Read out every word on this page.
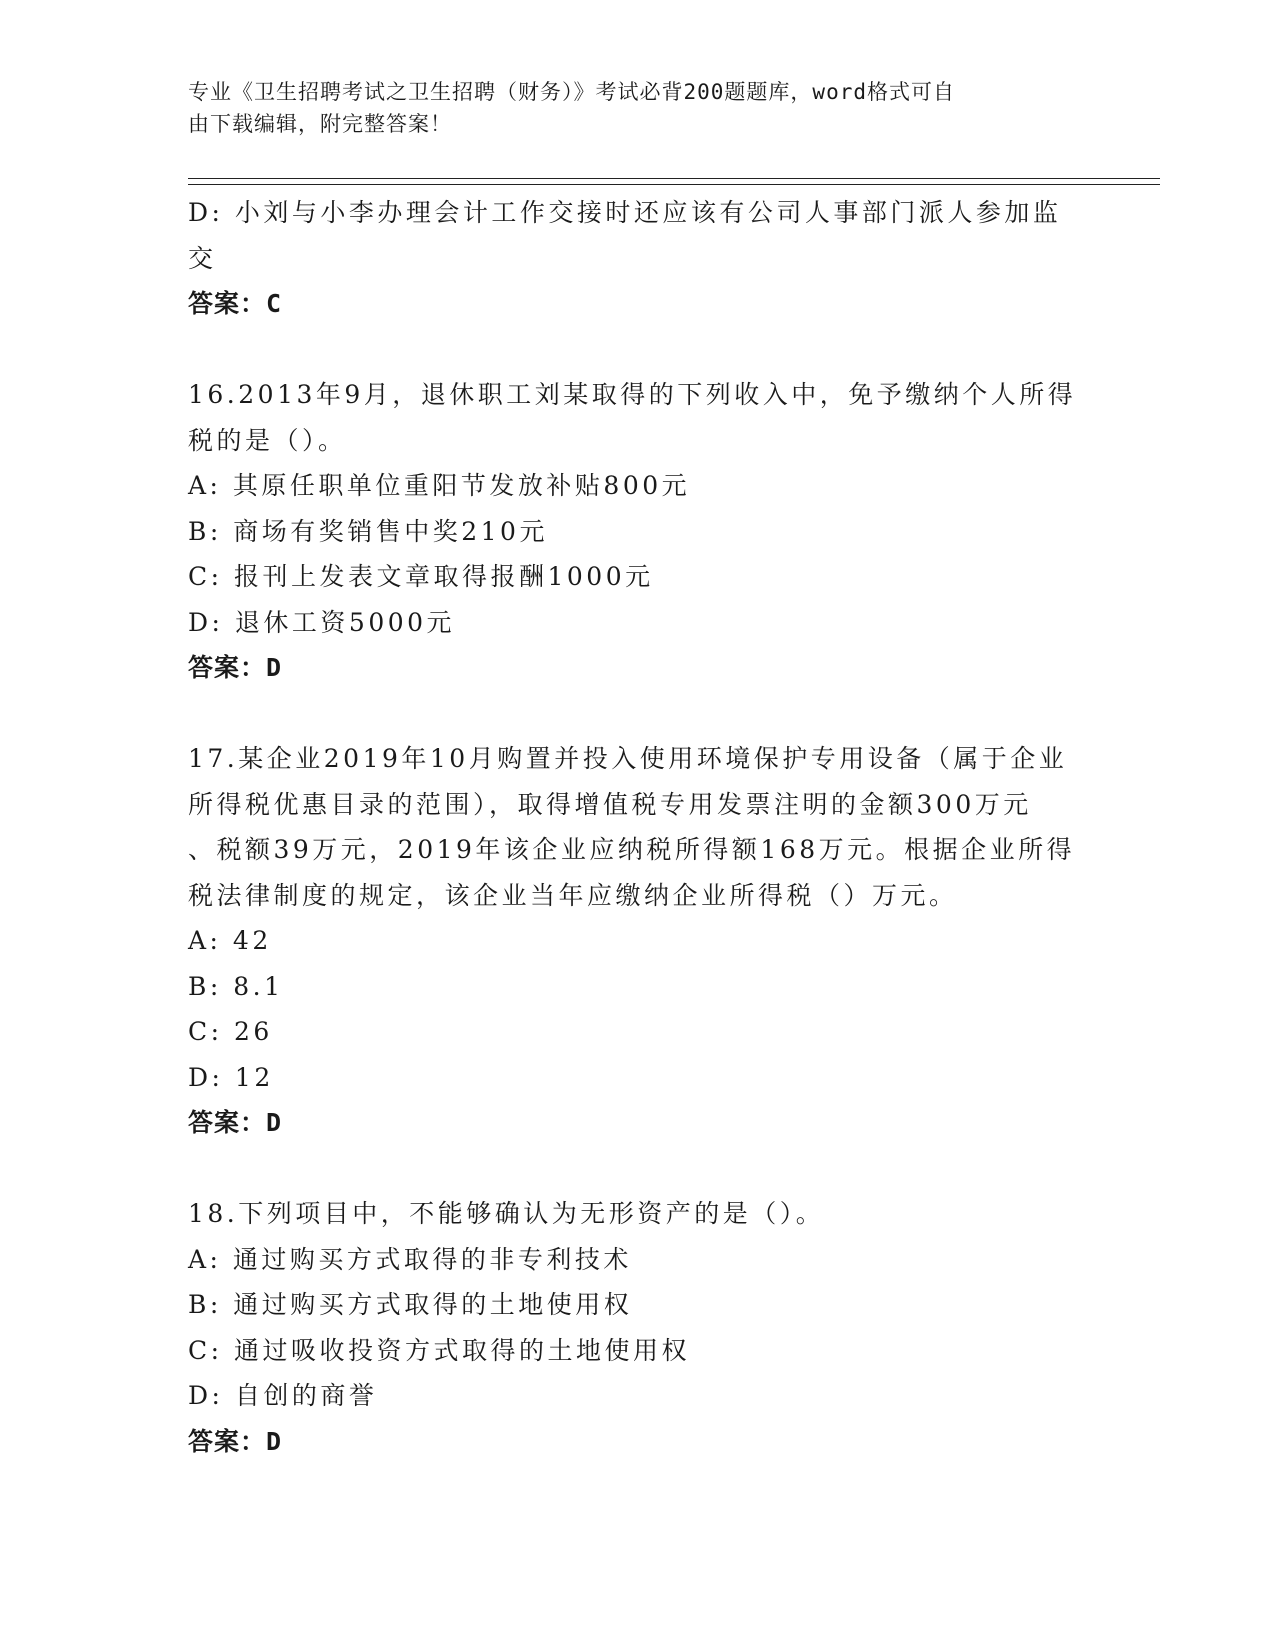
专业《卫生招聘考试之卫生招聘（财务）》考试必背200题题库，word格式可自
由下载编辑，附完整答案！
D: 小刘与小李办理会计工作交接时还应该有公司人事部门派人参加监
交
答案：C
16.2013年9月，退休职工刘某取得的下列收入中，免予缴纳个人所得
税的是（）。
A: 其原任职单位重阳节发放补贴800元
B: 商场有奖销售中奖210元
C: 报刊上发表文章取得报酬1000元
D: 退休工资5000元
答案：D
17.某企业2019年10月购置并投入使用环境保护专用设备（属于企业
所得税优惠目录的范围），取得增值税专用发票注明的金额300万元
、税额39万元，2019年该企业应纳税所得额168万元。根据企业所得
税法律制度的规定，该企业当年应缴纳企业所得税（）万元。
A: 42
B: 8.1
C: 26
D: 12
答案：D
18.下列项目中，不能够确认为无形资产的是（）。
A: 通过购买方式取得的非专利技术
B: 通过购买方式取得的土地使用权
C: 通过吸收投资方式取得的土地使用权
D: 自创的商誉
答案：D
